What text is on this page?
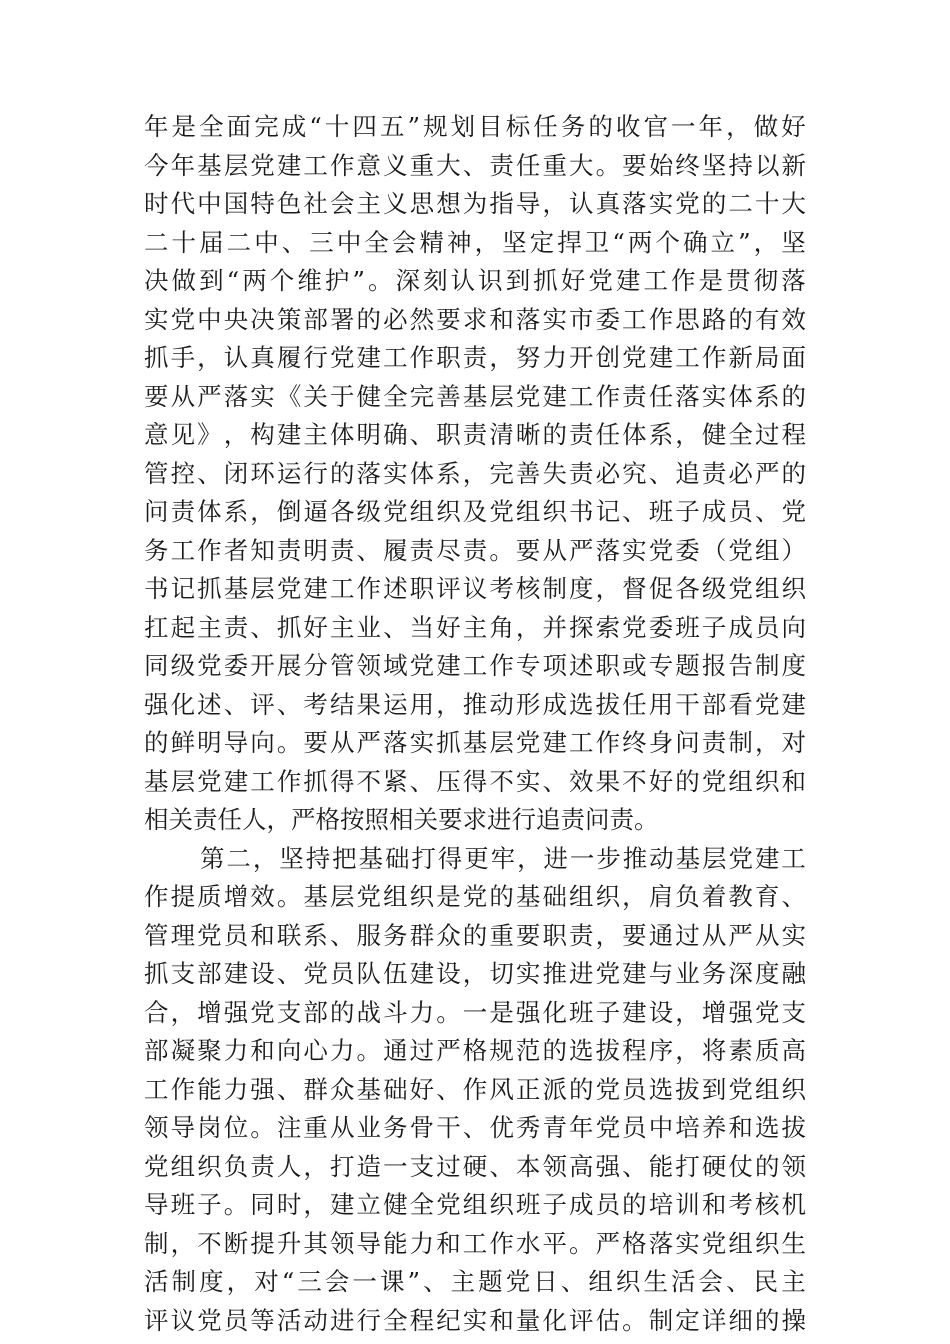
年 是 全 面 完 成 “ 十 四 五 ” 规 划 目 标 任 务 的 收 官 一 年 ， 做 好
今 年 基 层 党 建 工 作 意 义 重 大 、 责 任 重 大 。 要 始 终 坚 持 以 新
时 代 中 国 特 色 社 会 主 义 思 想 为 指 导 ， 认 真 落 实 党 的 二 十 大
二 十 届 二 中 、 三 中 全 会 精 神 ， 坚 定 捍 卫 “ 两 个 确 立 ” ， 坚
决 做 到 “ 两 个 维 护 ” 。 深 刻 认 识 到 抓 好 党 建 工 作 是 贯 彻 落
实 党 中 央 决 策 部 署 的 必 然 要 求 和 落 实 市 委 工 作 思 路 的 有 效
抓 手 ， 认 真 履 行 党 建 工 作 职 责 ， 努 力 开 创 党 建 工 作 新 局 面
要 从 严 落 实 《 关 于 健 全 完 善 基 层 党 建 工 作 责 任 落 实 体 系 的
意 见 》 ， 构 建 主 体 明 确 、 职 责 清 晰 的 责 任 体 系 ， 健 全 过 程
管 控 、 闭 环 运 行 的 落 实 体 系 ， 完 善 失 责 必 究 、 追 责 必 严 的
问 责 体 系 ， 倒 逼 各 级 党 组 织 及 党 组 织 书 记 、 班 子 成 员 、 党
务 工 作 者 知 责 明 责 、 履 责 尽 责 。 要 从 严 落 实 党 委 （ 党 组 ）
书 记 抓 基 层 党 建 工 作 述 职 评 议 考 核 制 度 ， 督 促 各 级 党 组 织
扛 起 主 责 、 抓 好 主 业 、 当 好 主 角 ， 并 探 索 党 委 班 子 成 员 向
同 级 党 委 开 展 分 管 领 域 党 建 工 作 专 项 述 职 或 专 题 报 告 制 度
强 化 述 、 评 、 考 结 果 运 用 ， 推 动 形 成 选 拔 任 用 干 部 看 党 建
的 鲜 明 导 向 。 要 从 严 落 实 抓 基 层 党 建 工 作 终 身 问 责 制 ， 对
基 层 党 建 工 作 抓 得 不 紧 、 压 得 不 实 、 效 果 不 好 的 党 组 织 和
相关责任人，严格按照相关要求进行追责问责。
第 二 ， 坚 持 把 基 础 打 得 更 牢 ， 进 一 步 推 动 基 层 党 建 工
作 提 质 增 效 。 基 层 党 组 织 是 党 的 基 础 组 织 ， 肩 负 着 教 育 、
管 理 党 员 和 联 系 、 服 务 群 众 的 重 要 职 责 ， 要 通 过 从 严 从 实
抓 支 部 建 设 、 党 员 队 伍 建 设 ， 切 实 推 进 党 建 与 业 务 深 度 融
合 ， 增 强 党 支 部 的 战 斗 力 。 一 是 强 化 班 子 建 设 ， 增 强 党 支
部 凝 聚 力 和 向 心 力 。 通 过 严 格 规 范 的 选 拔 程 序 ， 将 素 质 高
工 作 能 力 强 、 群 众 基 础 好 、 作 风 正 派 的 党 员 选 拔 到 党 组 织
领 导 岗 位 。 注 重 从 业 务 骨 干 、 优 秀 青 年 党 员 中 培 养 和 选 拔
党 组 织 负 责 人 ， 打 造 一 支 过 硬 、 本 领 高 强 、 能 打 硬 仗 的 领
导 班 子 。 同 时 ， 建 立 健 全 党 组 织 班 子 成 员 的 培 训 和 考 核 机
制 ， 不 断 提 升 其 领 导 能 力 和 工 作 水 平 。 严 格 落 实 党 组 织 生
活 制 度 ， 对 “ 三 会 一 课 ” 、 主 题 党 日 、 组 织 生 活 会 、 民 主
评 议 党 员 等 活 动 进 行 全 程 纪 实 和 量 化 评 估 。 制 定 详 细 的 操
